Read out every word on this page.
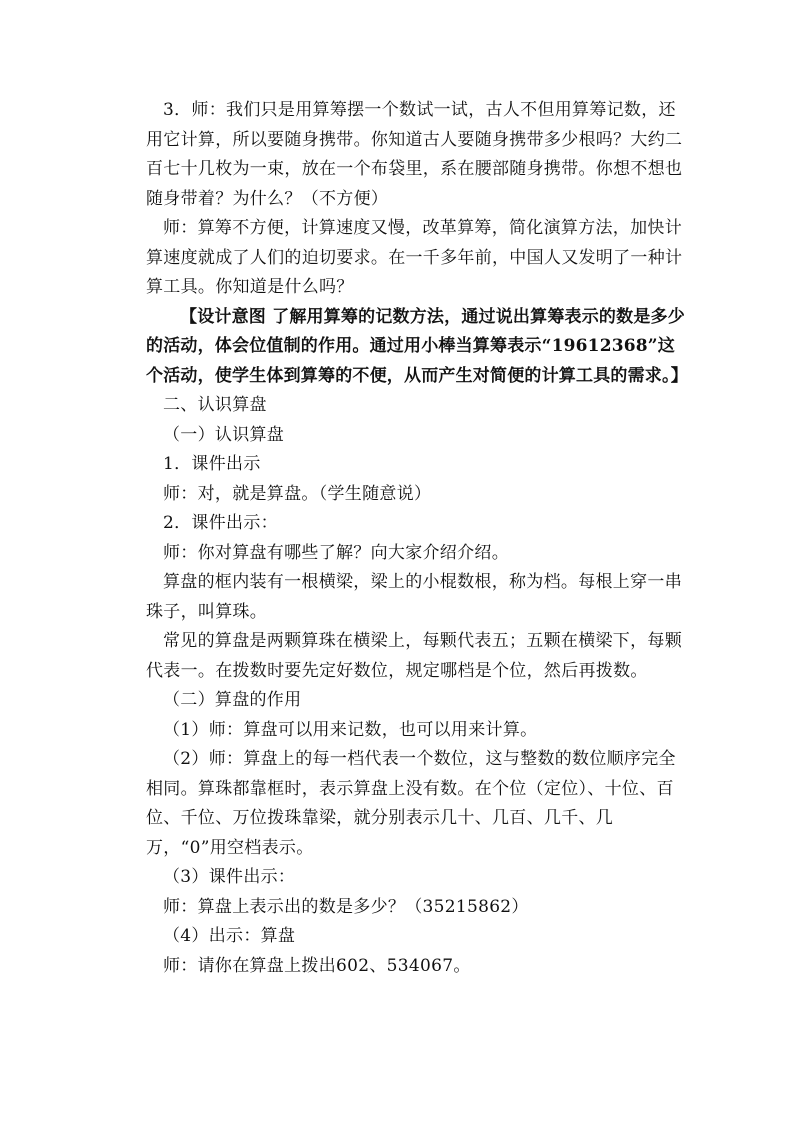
3．师：我们只是用算筹摆一个数试一试，古人不但用算筹记数，还用它计算，所以要随身携带。你知道古人要随身携带多少根吗？大约二百七十几枚为一束，放在一个布袋里，系在腰部随身携带。你想不想也随身带着？为什么？（不方便）

师：算筹不方便，计算速度又慢，改革算筹，简化演算方法，加快计算速度就成了人们的迫切要求。在一千多年前，中国人又发明了一种计算工具。你知道是什么吗？

【设计意图 了解用算筹的记数方法，通过说出算筹表示的数是多少的活动，体会位值制的作用。通过用小棒当算筹表示“19612368”这个活动，使学生体到算筹的不便，从而产生对简便的计算工具的需求。】

二、认识算盘

（一）认识算盘

1．课件出示

师：对，就是算盘。（学生随意说）

2．课件出示：

师：你对算盘有哪些了解？向大家介绍介绍。

算盘的框内装有一根横梁，梁上的小棍数根，称为档。每根上穿一串珠子，叫算珠。

常见的算盘是两颗算珠在横梁上，每颗代表五；五颗在横梁下，每颗代表一。在拨数时要先定好数位，规定哪档是个位，然后再拨数。

（二）算盘的作用

（1）师：算盘可以用来记数，也可以用来计算。

（2）师：算盘上的每一档代表一个数位，这与整数的数位顺序完全相同。算珠都靠框时，表示算盘上没有数。在个位（定位）、十位、百位、千位、万位拨珠靠梁，就分别表示几十、几百、几千、几万，“0”用空档表示。

（3）课件出示：

师：算盘上表示出的数是多少？（35215862）

（4）出示：算盘

师：请你在算盘上拨出602、534067。
